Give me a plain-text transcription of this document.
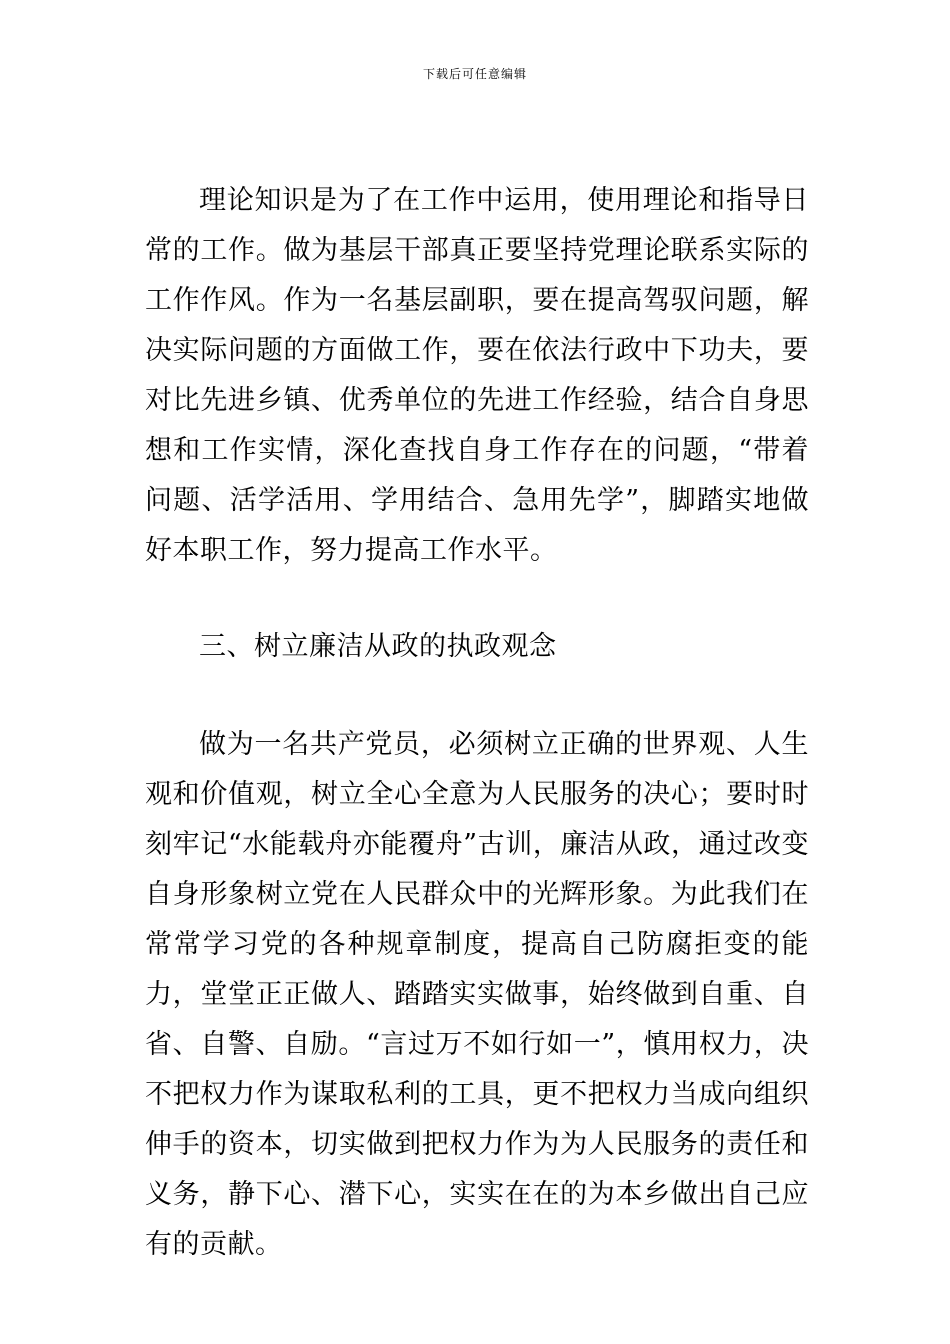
下载后可任意编辑

理论知识是为了在工作中运用，使用理论和指导日常的工作。做为基层干部真正要坚持党理论联系实际的工作作风。作为一名基层副职，要在提高驾驭问题，解决实际问题的方面做工作，要在依法行政中下功夫，要对比先进乡镇、优秀单位的先进工作经验，结合自身思想和工作实情，深化查找自身工作存在的问题，“带着问题、活学活用、学用结合、急用先学”，脚踏实地做好本职工作，努力提高工作水平。

三、树立廉洁从政的执政观念

做为一名共产党员，必须树立正确的世界观、人生观和价值观，树立全心全意为人民服务的决心；要时时刻牢记“水能载舟亦能覆舟”古训，廉洁从政，通过改变自身形象树立党在人民群众中的光辉形象。为此我们在常常学习党的各种规章制度，提高自己防腐拒变的能力，堂堂正正做人、踏踏实实做事，始终做到自重、自省、自警、自励。“言过万不如行如一”，慎用权力，决不把权力作为谋取私利的工具，更不把权力当成向组织伸手的资本，切实做到把权力作为为人民服务的责任和义务，静下心、潜下心，实实在在的为本乡做出自己应有的贡献。
